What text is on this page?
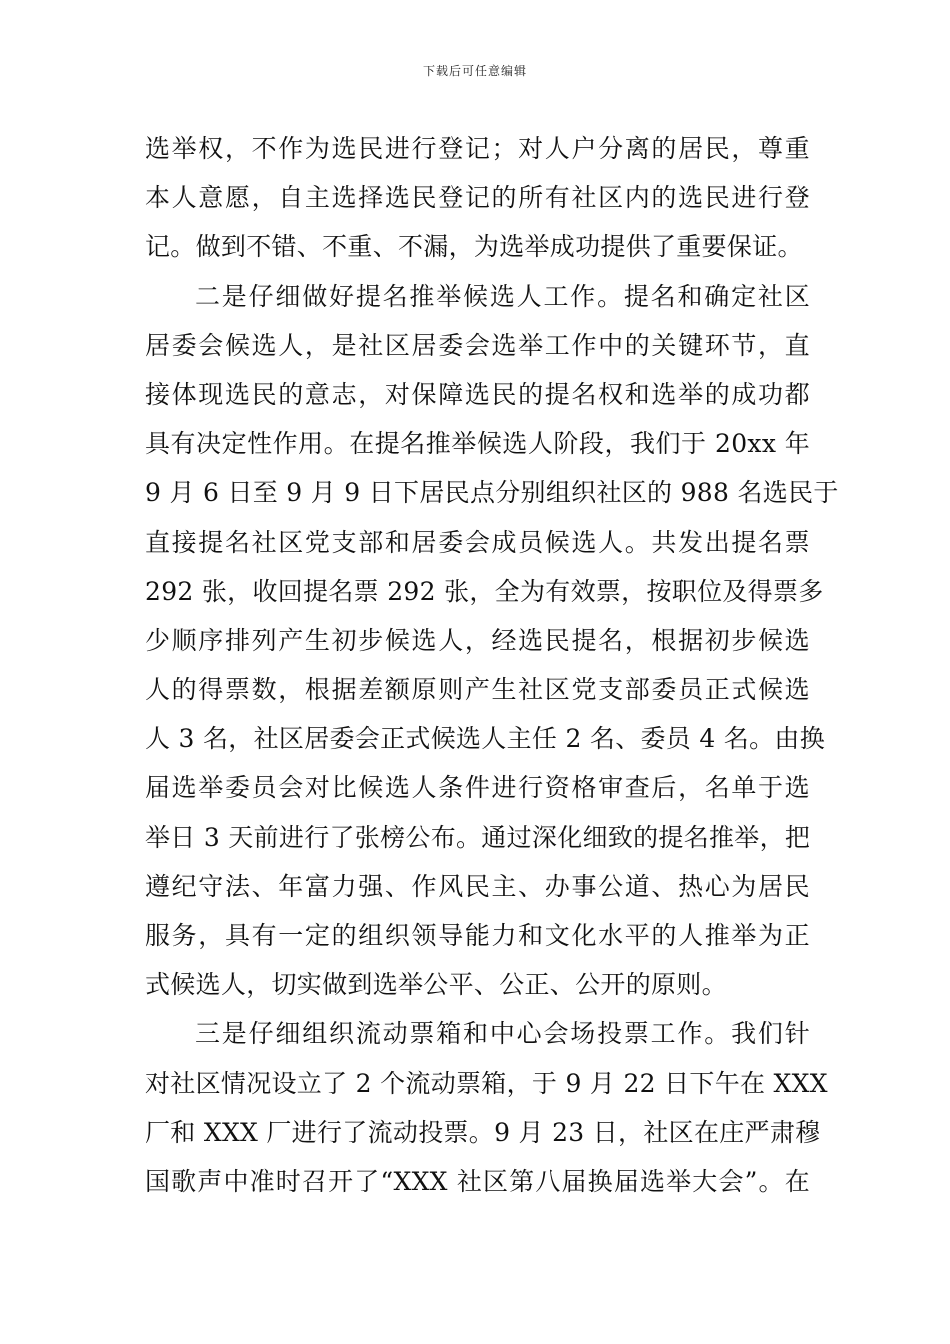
下载后可任意编辑
选举权，不作为选民进行登记；对人户分离的居民，尊重
本人意愿，自主选择选民登记的所有社区内的选民进行登
记。做到不错、不重、不漏，为选举成功提供了重要保证。
二是仔细做好提名推举候选人工作。提名和确定社区
居委会候选人，是社区居委会选举工作中的关键环节，直
接体现选民的意志，对保障选民的提名权和选举的成功都
具有决定性作用。在提名推举候选人阶段，我们于 20xx 年
9 月 6 日至 9 月 9 日下居民点分别组织社区的 988 名选民于
直接提名社区党支部和居委会成员候选人。共发出提名票
292 张，收回提名票 292 张，全为有效票，按职位及得票多
少顺序排列产生初步候选人，经选民提名，根据初步候选
人的得票数，根据差额原则产生社区党支部委员正式候选
人 3 名，社区居委会正式候选人主任 2 名、委员 4 名。由换
届选举委员会对比候选人条件进行资格审查后，名单于选
举日 3 天前进行了张榜公布。通过深化细致的提名推举，把
遵纪守法、年富力强、作风民主、办事公道、热心为居民
服务，具有一定的组织领导能力和文化水平的人推举为正
式候选人，切实做到选举公平、公正、公开的原则。
三是仔细组织流动票箱和中心会场投票工作。我们针
对社区情况设立了 2 个流动票箱，于 9 月 22 日下午在 XXX
厂和 XXX 厂进行了流动投票。9 月 23 日，社区在庄严肃穆
国歌声中准时召开了“XXX 社区第八届换届选举大会”。在
